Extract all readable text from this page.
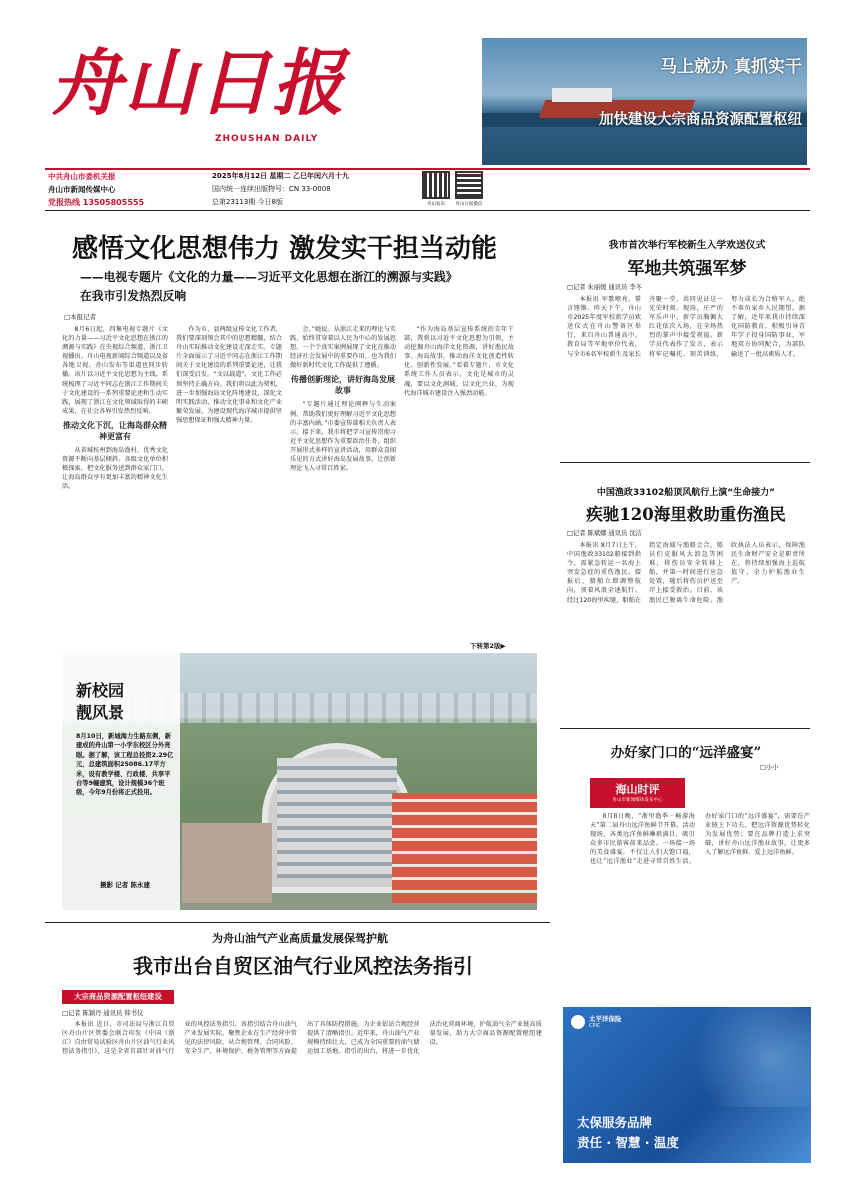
舟山日报
ZHOUSHAN DAILY
马上就办 真抓实干
加快建设大宗商品资源配置枢纽
中共舟山市委机关报
舟山市新闻传媒中心
党报热线 13505805555
2025年8月12日 星期二 乙巳年闰六月十九
国内统一连续出版物号：CN 33-0008
总第23113期 今日8版	舟山发布	舟山日报微信
感悟文化思想伟力 激发实干担当动能
——电视专题片《文化的力量——习近平文化思想在浙江的溯源与实践》
在我市引发热烈反响
□本报记者

8月6日起，四集电视专题片《文化的力量——习近平文化思想在浙江的溯源与实践》在央视综合频道、浙江卫视播出。舟山电视新闻综合频道以及省各地卫视、舟山发布等渠道也同步转播。该片以习近平文化思想为主线，系统梳理了习近平同志在浙江工作期间关于文化建设的一系列重要论述和生动实践，展现了浙江在文化领域取得的丰硕成果，在社会各界引发热烈反响。

推动文化下沉，让海岛群众精神更富有

从省城杭州到海岛渔村，优秀文化资源不断向基层倾斜。各级文化单位积极探索，把文化服务送到群众家门口，让海岛群众享有更加丰富的精神文化生活。

作为市、县两级宣传文化工作者，我们要深刻领会其中的思想精髓，结合舟山实际推动文化建设走深走实。专题片全面展示了习近平同志在浙江工作期间关于文化建设的系列重要论述，让我们深受启发。“文以载道”，文化工作必须坚持正确方向。我们将以此为契机，进一步加强海岛文化阵地建设，深化文明实践活动，推动文化事业和文化产业繁荣发展，为建设现代海洋城市提供坚强思想保证和强大精神力量。

会。”她说。从浙江走来的理论与实践，始终贯穿着以人民为中心的发展思想。一个个真实案例展现了文化在推动经济社会发展中的重要作用，也为我们做好新时代文化工作提供了遵循。

传播创新理论，讲好海岛发展故事

“专题片通过理论阐释与生动案例，帮助我们更好理解习近平文化思想的丰富内涵。”市委宣传部相关负责人表示。接下来，我市将把学习宣传贯彻习近平文化思想作为重要政治任务，组织开展形式多样的宣讲活动，用群众喜闻乐见的方式讲好海岛发展故事，让创新理论飞入寻常百姓家。

“作为海岛基层宣传系统的青年干部，我将以习近平文化思想为引领，主动挖掘舟山海洋文化资源，讲好渔民故事、海岛故事，推动海洋文化创造性转化、创新性发展。”看着专题片，市文化系统工作人员表示，文化是城市的灵魂，要以文化润城、以文化兴业，为现代海洋城市建设注入强劲动能。

下转第2版▶
新校园
靓风景
8月10日，新城海力生路东侧，新建成的舟山第一小学东校区分外亮眼。据了解，该工程总投资2.29亿元，总建筑面积25086.17平方米，设有教学楼、行政楼、共享平台等9幢建筑，设计规模36个班级，今年9月份将正式投用。
摄影 记者 陈永建
我市首次举行军校新生入学欢送仪式
军地共筑强军梦
□记者 朱丽媛 通讯员 李冬

本报讯 军歌嘹亮，誓言铿锵。昨天下午，舟山市2025年度军校新学员欢送仪式在舟山警备区举行，来自舟山普通高中、教育局等军地单位代表，与全市6名军校新生及家长齐聚一堂，共同见证这一光荣时刻。现场，庄严的军乐声中，新学员胸佩大红花依次入场，在全场热烈的掌声中接受祝福。新学员代表作了发言，表示将牢记嘱托、刻苦训练，努力成长为合格军人，绝不辜负家乡人民期望。据了解，近年来我市持续深化国防教育，积极引导青年学子投身国防事业，军地双方协同配合，为部队输送了一批高素质人才。

中国渔政33102船顶风航行上演“生命接力”
疾驰120海里救助重伤渔民
□记者 陈斌娜 通讯员 沈洁

本报讯 8月7日上午，中国渔政33102船接到指令，需紧急转运一名海上突发急症的重伤渔民。接报后，船舶立即调整航向，顶着风浪全速航行。经过120海里疾驰，船舶在指定海域与渔船会合，船员们克服风大浪急等困难，将伤员安全转移上船，并第一时间进行应急处置，随后将伤员护送至岸上接受救治。目前，该渔民已脱离生命危险。渔政执法人员表示，保障渔民生命财产安全是职责所在，将持续加强海上巡航值守，全力护航渔业生产。

办好家门口的“远洋盛宴”
□小小
海山时评
舟山市新闻媒体发布中心

8月8日晚，“浙里渔季 · 畅游海天”第二届舟山远洋鱼鲜节开幕。活动现场，各类远洋鱼鲜琳琅满目，吸引众多市民游客前来品尝。一场接一场的美食盛宴，不仅让人们大饱口福，也让“远洋渔业”走进寻常百姓生活。办好家门口的“远洋盛宴”，需要在产业链上下功夫，把远洋资源优势转化为发展优势；要在品牌打造上求突破，讲好舟山远洋渔业故事，让更多人了解远洋鱼鲜、爱上远洋鱼鲜。

为舟山油气产业高质量发展保驾护航
我市出台自贸区油气行业风控法务指引
大宗商品资源配置枢纽建设
□记者 陈颖丹 通讯员 韩书仪

本报讯 近日，市司法局与浙江自贸区舟山片区管委会联合印发《中国（浙江）自由贸易试验区舟山片区油气行业风控法务指引》，这是全省首部针对油气行业的风控法务指引。该指引结合舟山油气产业发展实际，聚焦企业在生产经营中常见的法律风险，从合规管理、合同风险、安全生产、环境保护、税务管理等方面提出了具体防控措施，为企业依法合规经营提供了清晰指引。近年来，舟山油气产业规模持续壮大，已成为全国重要的油气储运加工基地。指引的出台，将进一步优化法治化营商环境，护航油气全产业链高质量发展，助力大宗商品资源配置枢纽建设。

太平洋保险
CPIC
太保服务品牌
责任 · 智慧 · 温度
